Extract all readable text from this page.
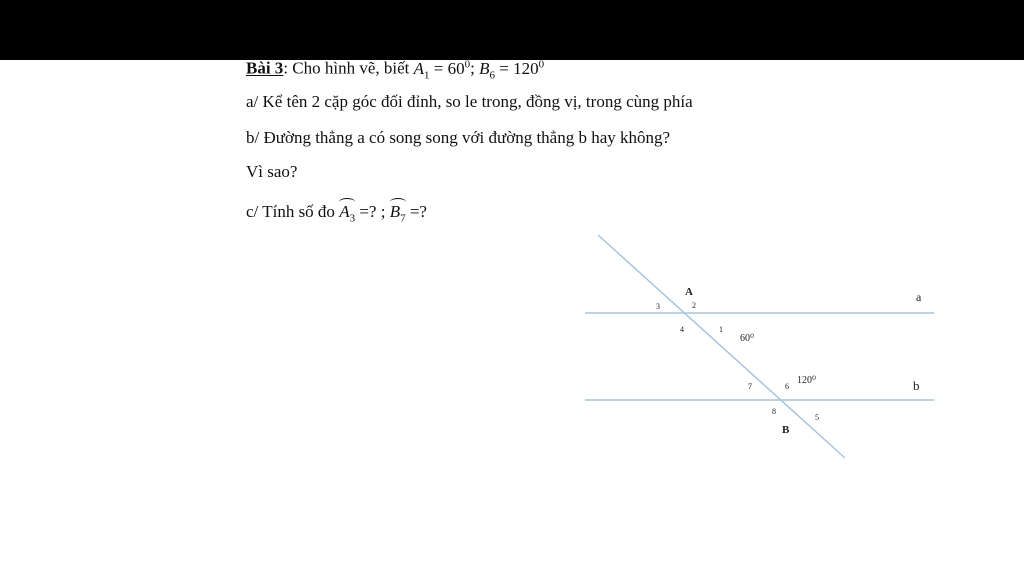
Bài 3: Cho hình vẽ, biết $A_1 = 60^0$; $B_6 = 120^0$
a/ Kể tên 2 cặp góc đối đỉnh, so le trong, đồng vị, trong cùng phía
b/ Đường thẳng a có song song với đường thẳng b hay không?
Vì sao?
c/ Tính số đo $A_3$ =? ; $B_7$ =?
A
B
a
b
1
2
3
4
5
6
7
8
60⁰
120⁰
